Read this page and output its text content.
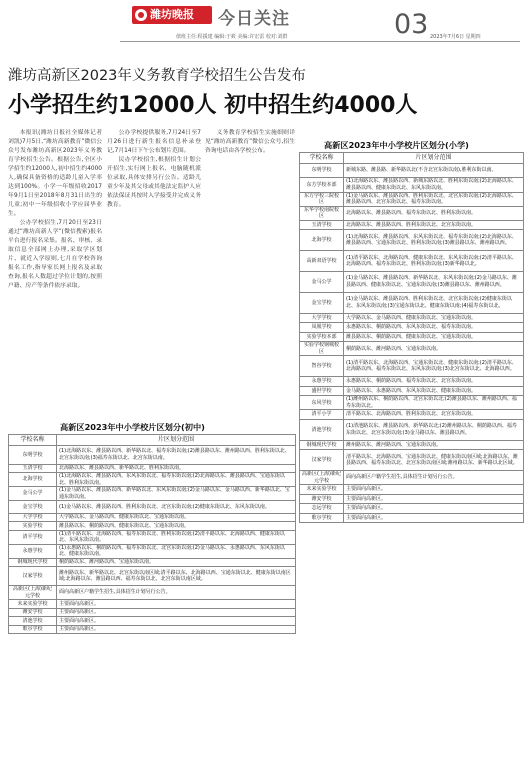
潍坊晚报	今日关注	03
值班主任:程援建 编辑:于筱 美编:许宏雷 校对:刘群	2023年7月6日 星期四
潍坊高新区2023年义务教育学校招生公告发布
小学招生约12000人 初中招生约4000人

本报讯(潍坊日报社全媒体记者刘凯)7月5日,“潍坊高新教育”微信公众号发布潍坊高新区2023年义务教育学校招生公告。根据公告,全区小学招生约12000人,初中招生约4000人,确保具备资格的适龄儿童入学率达到100%。小学一年级招收2017年9月1日至2018年8月31日出生的儿童;初中一年级招收小学应届毕业生。

公办学校招生,7月20日至23日通过“潍坊高新人学”(微信搜索)报名平台进行报名采集。报名、审核、录取信息全部网上办理,采取学区划片、就近入学原则,七月在学校咨询报名工作,指导家长网上报名及录取查询,报名人数超过学位计划的,按照户籍、房产等条件依序录取。

公办学校提供服务,7月24日至7月26日进行新生报名信息补录登记,7月14日下午公布划片范围。

民办学校招生,根据招生计划公开招生,实行网上报名、电脑随机派位录取,具体安排另行公告。适龄儿童少年及其父母或其他法定监护人应依法保证其按时入学接受并完成义务教育。

义务教育学校招生实施细则详见“潍坊高新教育”微信公众号,招生咨询电话由各学校公布。

高新区2023年中小学校片区划分(初中)
学校名称	片区划分范围
东明学校	(1)北海路以东、潍县路以西、新华路以北、福寿东街以南;(2)潍县路以东、潍州路以西、胜利东街以北、北宫东街以南;(3)福寿东街以北、北宫东街以南。
玉清学校	北海路以东、潍县路以西、新华路以北、胜利东街以南。
北海学校	(1)北海路以东、潍县路以西、东风东街以北、福寿东街以南;(2)北海路以东、潍县路以西、宝通东街以北、胜利东街以南。
金马公学	(1)金马路以东、潍县路以西、新华路以北、东风东街以南;(2)金马路以东、金马路以西、新华路以北、宝通东街以南。
金宝学校	(1)金马路以东、潍县路以西、胜利东街以北、北宫东街以南;(2)健康东街以北、东风东街以南。
大学学校	大学路以东、金马路以西、健康东街以北、宝通东街以南。
实验学校	潍县路以东、桐荫路以西、健康东街以北、宝通东街以南。
清平学校	(1)清平路以东、北海路以西、福寿东街以北、胜利东街以南;(2)清平路以东、北海路以西、健康东街以北、东风东街以南。
永惠学校	(1)永惠路以东、桐荫路以西、福寿东街以北、北宫东街以南;(2)金马路以东、永惠路以西、东风东街以北、健康东街以南。
钢城现代学校	桐荫路以东、潍河路以西、宝通东街以南。
汉家学校	潍州路以东、新华路以北、北宫东街以南区域;清平路以东、北海路以西、宝通东街以北、健康东街以南区域;北海路以东、潍县路以西、福寿东街以北、北宫东街以南区域。
高新区(上海)新纪元学校	面向高新区户籍学生招生,具体招生计划另行公告。
未来实验学校	主要面向高新区。
潍安学校	主要面向高新区。
清池学校	主要面向高新区。
歌尔学校	主要面向高新区。
高新区2023年中小学校片区划分(小学)
学校名称	片区划分范围
东明学校	新城东路、潍县路、新华路以北(不含北宫东街以南),胜利东街以南。
东方学校本部	(1)北海路以东、潍县路以西、新城东路以北、胜利东街以南;(2)北海路以东、潍县路以西、健康东街以北、东风东街以南。
东方学校三院校区	(1)金马路以东、潍县路以西、胜利东街以北、北宫东街以南;(2)北海路以东、潍县路以西、北宫东街以北、福寿东街以南。
东华学校南院校区	北海路以东、潍县路以西、福寿东街以北、胜利东街以南。
玉清学校	北海路以东、潍县路以西、胜利东街以北、北宫东街以南。
北海学校	(1)北海路以东、潍县路以西、东风东街以北、福寿东街以南;(2)北海路以东、潍县路以西、宝通东街以北、胜利东街以南;(3)潍县路以东、潍州路以西。
高新双语学校	(1)清平路以东、北海路以西、健康东街以北、东风东街以南;(2)清平路以东、北海路以西、福寿东街以北、胜利东街以南;(3)新华路以北。
金马公学	(1)金马路以东、潍县路以西、新华路以北、东风东街以南;(2)金马路以东、潍县路以西、健康东街以北、宝通东街以南;(3)潍县路以东、潍州路以西。
金宝学校	(1)金马路以东、潍县路以西、胜利东街以北、北宫东街以南;(2)健康东街以北、东风东街以南;(3)宝通东街以北、健康东街以南;(4)福寿东街以北。
大学学校	大学路以东、金马路以西、健康东街以北、宝通东街以南。
凤凰学校	永惠路以东、桐荫路以西、东风东街以北、福寿东街以南。
实验学校本部	潍县路以东、桐荫路以西、健康东街以北、宝通东街以南。
实验学校钢城校区	桐荫路以东、潍河路以西、宝通东街以南。
智谷学校	(1)清平路以东、北海路以西、宝通东街以北、健康东街以南;(2)清平路以东、北海路以西、福寿东街以北、东风东街以南;(3)北宫东街以北、北海路以西。
永惠学校	永惠路以东、桐荫路以西、福寿东街以北、北宫东街以南。
盛世学校	金马路以东、永惠路以西、东风东街以北、健康东街以南。
东风学校	(1)潍州路以东、桐荫路以西、北宫东街以北;(2)潍县路以东、潍州路以西、福寿东街以北。
清平小学	清平路以东、北海路以西、胜利东街以北、北宫东街以南。
清池学校	(1)清池路以东、潍县路以西、新华路以北;(2)潍州路以东、桐荫路以西、福寿东街以北、北宫东街以南;(3)金马路以东、潍县路以西。
钢城现代学校	潍州路以东、潍河路以西、宝通东街以南。
汉家学校	清平路以东、北海路以西、宝通东街以北、健康东街以南区域;北海路以东、潍县路以西、福寿东街以北、北宫东街以南区域;潍州路以东、新华路以北区域。
高新区(上海)新纪元学校	面向高新区户籍学生招生,具体招生计划另行公告。
未来实验学校	主要面向高新区。
潍安学校	主要面向高新区。
志远学校	主要面向高新区。
歌尔学校	主要面向高新区。
